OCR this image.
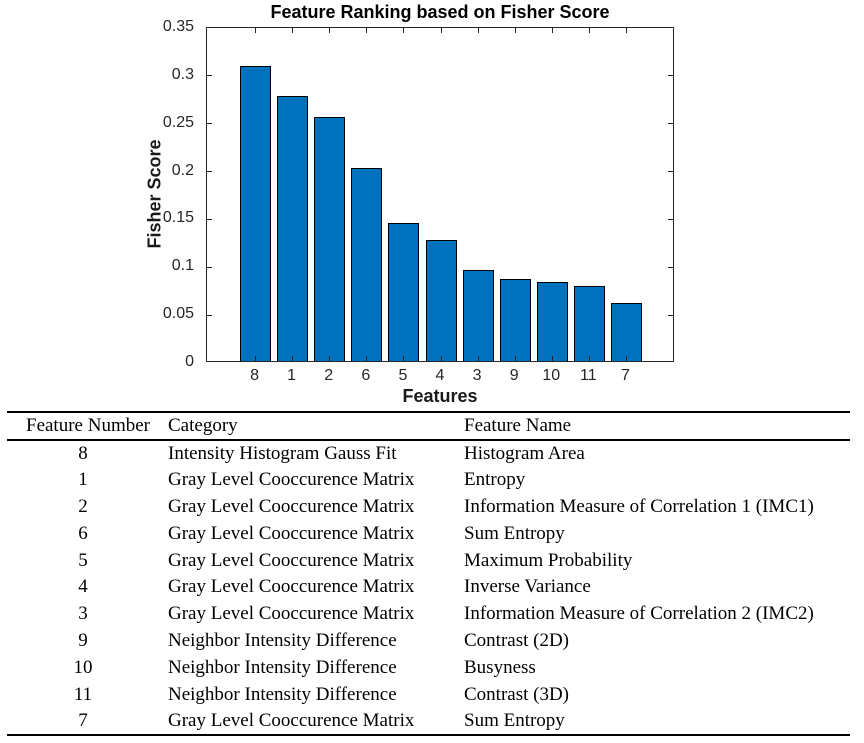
Feature Ranking based on Fisher Score
Fisher Score
0
0.05
0.1
0.15
0.2
0.25
0.3
0.35
8	1	2	6	5	4	3	9	10	11	7
Features
Feature Number	Category	Feature Name
8	Intensity Histogram Gauss Fit	Histogram Area
1	Gray Level Cooccurence Matrix	Entropy
2	Gray Level Cooccurence Matrix	Information Measure of Correlation 1 (IMC1)
6	Gray Level Cooccurence Matrix	Sum Entropy
5	Gray Level Cooccurence Matrix	Maximum Probability
4	Gray Level Cooccurence Matrix	Inverse Variance
3	Gray Level Cooccurence Matrix	Information Measure of Correlation 2 (IMC2)
9	Neighbor Intensity Difference	Contrast (2D)
10	Neighbor Intensity Difference	Busyness
11	Neighbor Intensity Difference	Contrast (3D)
7	Gray Level Cooccurence Matrix	Sum Entropy
